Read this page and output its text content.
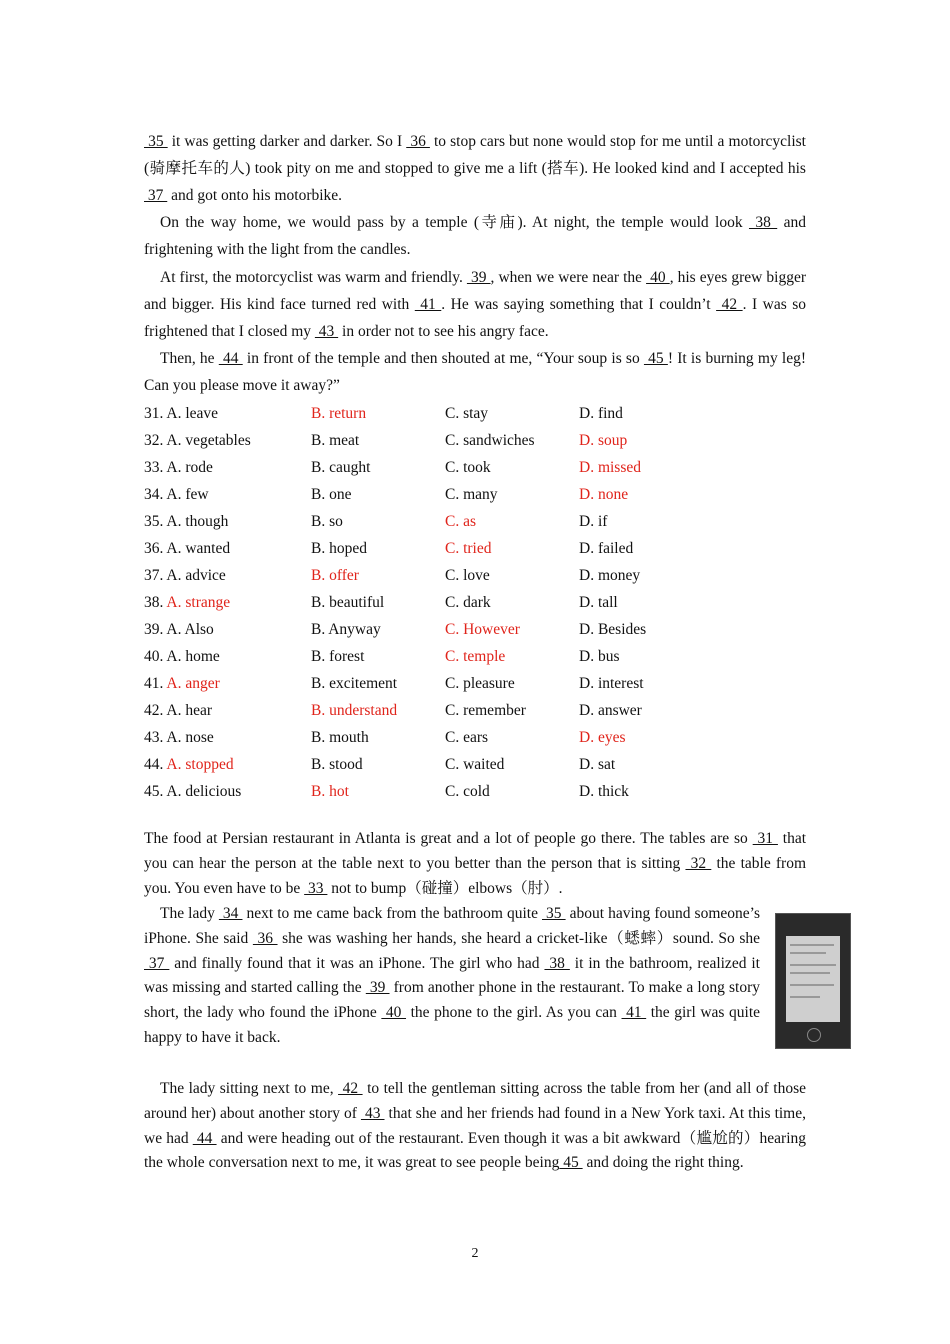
35  it was getting darker and darker. So I  36  to stop cars but none would stop for me until a motorcyclist (骑摩托车的人) took pity on me and stopped to give me a lift (搭车). He looked kind and I accepted his  37  and got onto his motorbike.
On the way home, we would pass by a temple (寺庙). At night, the temple would look  38  and frightening with the light from the candles.
At first, the motorcyclist was warm and friendly.  39 , when we were near the  40 , his eyes grew bigger and bigger. His kind face turned red with  41 . He was saying something that I couldn’t  42 . I was so frightened that I closed my  43  in order not to see his angry face.
Then, he  44  in front of the temple and then shouted at me, “Your soup is so  45 ! It is burning my leg! Can you please move it away?”
31. A. leave	B. return	C. stay	D. find
32. A. vegetables	B. meat	C. sandwiches	D. soup
33. A. rode	B. caught	C. took	D. missed
34. A. few	B. one	C. many	D. none
35. A. though	B. so	C. as	D. if
36. A. wanted	B. hoped	C. tried	D. failed
37. A. advice	B. offer	C. love	D. money
38. A. strange	B. beautiful	C. dark	D. tall
39. A. Also	B. Anyway	C. However	D. Besides
40. A. home	B. forest	C. temple	D. bus
41. A. anger	B. excitement	C. pleasure	D. interest
42. A. hear	B. understand	C. remember	D. answer
43. A. nose	B. mouth	C. ears	D. eyes
44. A. stopped	B. stood	C. waited	D. sat
45. A. delicious	B. hot	C. cold	D. thick
The food at Persian restaurant in Atlanta is great and a lot of people go there. The tables are so  31  that you can hear the person at the table next to you better than the person that is sitting  32  the table from you. You even have to be  33  not to bump（碰撞）elbows（肘）.
The lady  34  next to me came back from the bathroom quite  35  about having found someone’s iPhone. She said  36  she was washing her hands, she heard a cricket-like（蟋蟀）sound. So she  37  and finally found that it was an iPhone. The girl who had  38  it in the bathroom, realized it was missing and started calling the  39  from another phone in the restaurant. To make a long story short, the lady who found the iPhone  40  the phone to the girl. As you can  41  the girl was quite happy to have it back.
The lady sitting next to me,  42  to tell the gentleman sitting across the table from her (and all of those around her) about another story of  43  that she and her friends had found in a New York taxi. At this time, we had  44  and were heading out of the restaurant. Even though it was a bit awkward（尴尬的）hearing the whole conversation next to me, it was great to see people being 45  and doing the right thing.
2
